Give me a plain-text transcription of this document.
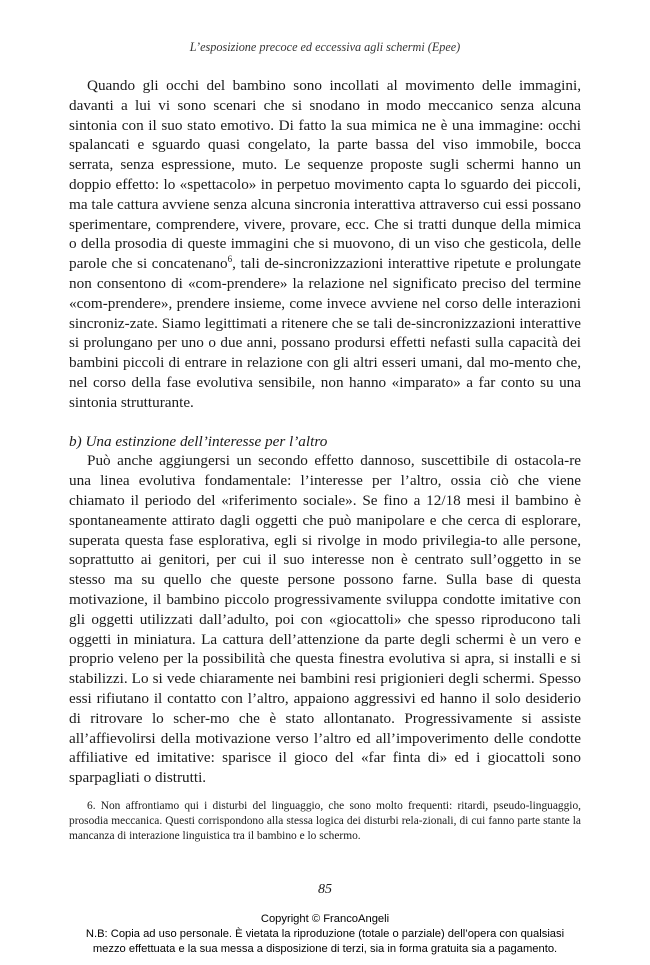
L’esposizione precoce ed eccessiva agli schermi (Epee)

Quando gli occhi del bambino sono incollati al movimento delle immagini, davanti a lui vi sono scenari che si snodano in modo meccanico senza alcuna sintonia con il suo stato emotivo. Di fatto la sua mimica ne è una immagine: occhi spalancati e sguardo quasi congelato, la parte bassa del viso immobile, bocca serrata, senza espressione, muto. Le sequenze proposte sugli schermi hanno un doppio effetto: lo «spettacolo» in perpetuo movimento capta lo sguardo dei piccoli, ma tale cattura avviene senza alcuna sincronia interattiva attraverso cui essi possano sperimentare, comprendere, vivere, provare, ecc. Che si tratti dunque della mimica o della prosodia di queste immagini che si muovono, di un viso che gesticola, delle parole che si concatenano$^6$, tali de-sincronizzazioni interattive ripetute e prolungate non consentono di «com-prendere» la relazione nel significato preciso del termine «com-prendere», prendere insieme, come invece avviene nel corso delle interazioni sincroniz-zate. Siamo legittimati a ritenere che se tali de-sincronizzazioni interattive si prolungano per uno o due anni, possano prodursi effetti nefasti sulla capacità dei bambini piccoli di entrare in relazione con gli altri esseri umani, dal mo-mento che, nel corso della fase evolutiva sensibile, non hanno «imparato» a far conto su una sintonia strutturante.

b) Una estinzione dell’interesse per l’altro

Può anche aggiungersi un secondo effetto dannoso, suscettibile di ostacola-re una linea evolutiva fondamentale: l’interesse per l’altro, ossia ciò che viene chiamato il periodo del «riferimento sociale». Se fino a 12/18 mesi il bambino è spontaneamente attirato dagli oggetti che può manipolare e che cerca di esplorare, superata questa fase esplorativa, egli si rivolge in modo privilegia-to alle persone, soprattutto ai genitori, per cui il suo interesse non è centrato sull’oggetto in se stesso ma su quello che queste persone possono farne. Sulla base di questa motivazione, il bambino piccolo progressivamente sviluppa condotte imitative con gli oggetti utilizzati dall’adulto, poi con «giocattoli» che spesso riproducono tali oggetti in miniatura. La cattura dell’attenzione da parte degli schermi è un vero e proprio veleno per la possibilità che questa finestra evolutiva si apra, si installi e si stabilizzi. Lo si vede chiaramente nei bambini resi prigionieri degli schermi. Spesso essi rifiutano il contatto con l’altro, appaiono aggressivi ed hanno il solo desiderio di ritrovare lo scher-mo che è stato allontanato. Progressivamente si assiste all’affievolirsi della motivazione verso l’altro ed all’impoverimento delle condotte affiliative ed imitative: sparisce il gioco del «far finta di» ed i giocattoli sono sparpagliati o distrutti.

6. Non affrontiamo qui i disturbi del linguaggio, che sono molto frequenti: ritardi, pseudo-linguaggio, prosodia meccanica. Questi corrispondono alla stessa logica dei disturbi rela-zionali, di cui fanno parte stante la mancanza di interazione linguistica tra il bambino e lo schermo.

85
Copyright © FrancoAngeli
N.B: Copia ad uso personale. È vietata la riproduzione (totale o parziale) dell’opera con qualsiasi
mezzo effettuata e la sua messa a disposizione di terzi, sia in forma gratuita sia a pagamento.
